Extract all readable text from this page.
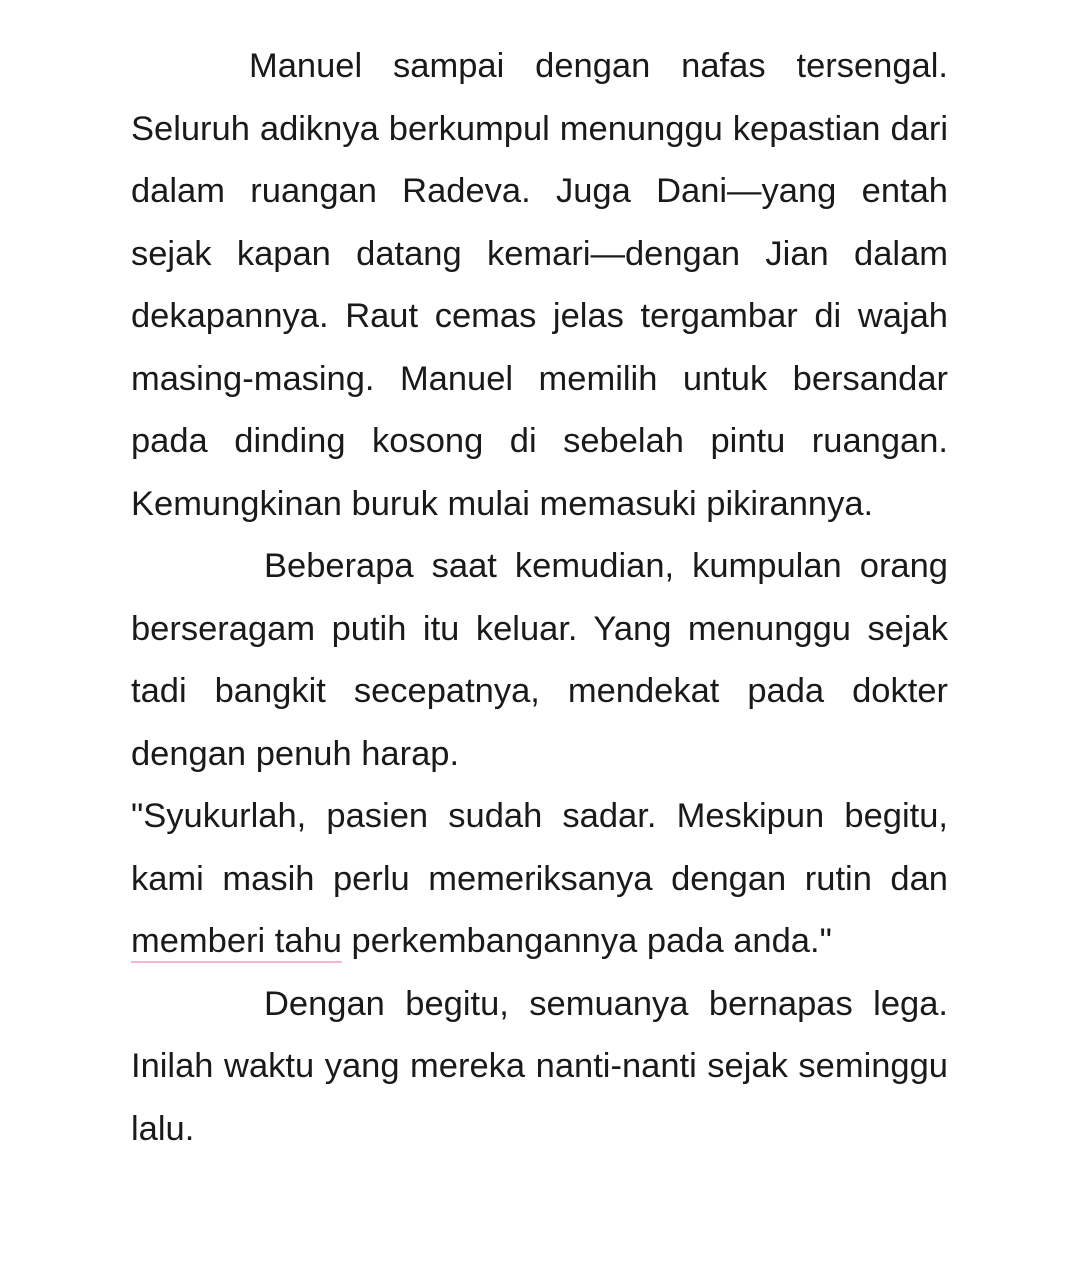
Manuel sampai dengan nafas tersengal. Seluruh adiknya berkumpul menunggu kepastian dari dalam ruangan Radeva. Juga Dani—yang entah sejak kapan datang kemari—dengan Jian dalam dekapannya. Raut cemas jelas tergambar di wajah masing-masing. Manuel memilih untuk bersandar pada dinding kosong di sebelah pintu ruangan. Kemungkinan buruk mulai memasuki pikirannya.

Beberapa saat kemudian, kumpulan orang berseragam putih itu keluar. Yang menunggu sejak tadi bangkit secepatnya, mendekat pada dokter dengan penuh harap.

"Syukurlah, pasien sudah sadar. Meskipun begitu, kami masih perlu memeriksanya dengan rutin dan memberi tahu perkembangannya pada anda."

Dengan begitu, semuanya bernapas lega. Inilah waktu yang mereka nanti-nanti sejak seminggu lalu.
